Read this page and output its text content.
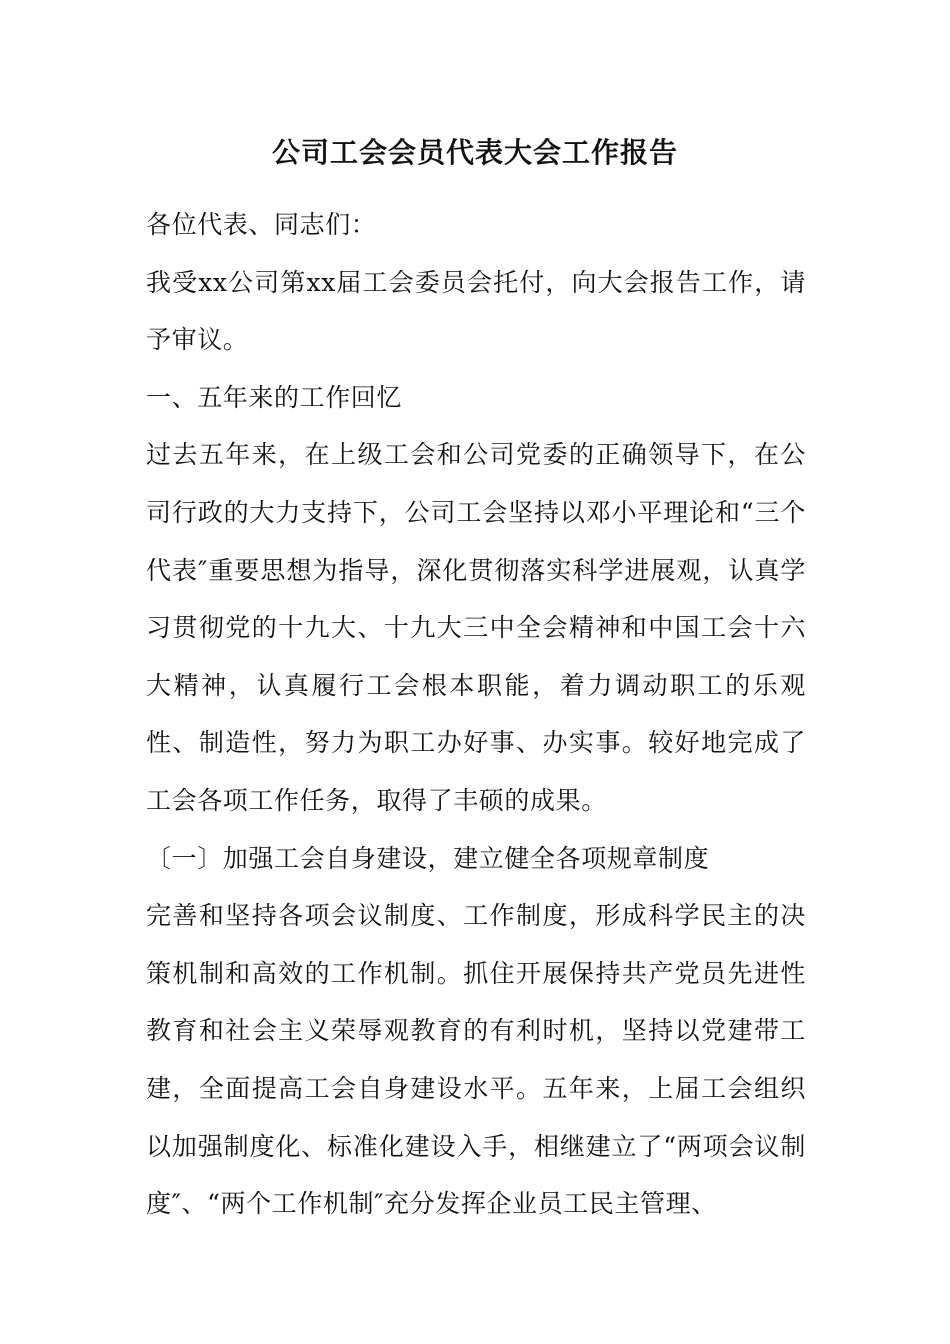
公司工会会员代表大会工作报告

各位代表、同志们：

我受xx公司第xx届工会委员会托付，向大会报告工作，请予审议。

一、五年来的工作回忆

过去五年来，在上级工会和公司党委的正确领导下，在公司行政的大力支持下，公司工会坚持以邓小平理论和“三个代表″重要思想为指导，深化贯彻落实科学进展观，认真学习贯彻党的十九大、十九大三中全会精神和中国工会十六大精神，认真履行工会根本职能，着力调动职工的乐观性、制造性，努力为职工办好事、办实事。较好地完成了工会各项工作任务，取得了丰硕的成果。

〔一〕加强工会自身建设，建立健全各项规章制度

完善和坚持各项会议制度、工作制度，形成科学民主的决策机制和高效的工作机制。抓住开展保持共产党员先进性教育和社会主义荣辱观教育的有利时机，坚持以党建带工建，全面提高工会自身建设水平。五年来，上届工会组织以加强制度化、标准化建设入手，相继建立了“两项会议制度″、“两个工作机制″充分发挥企业员工民主管理、
